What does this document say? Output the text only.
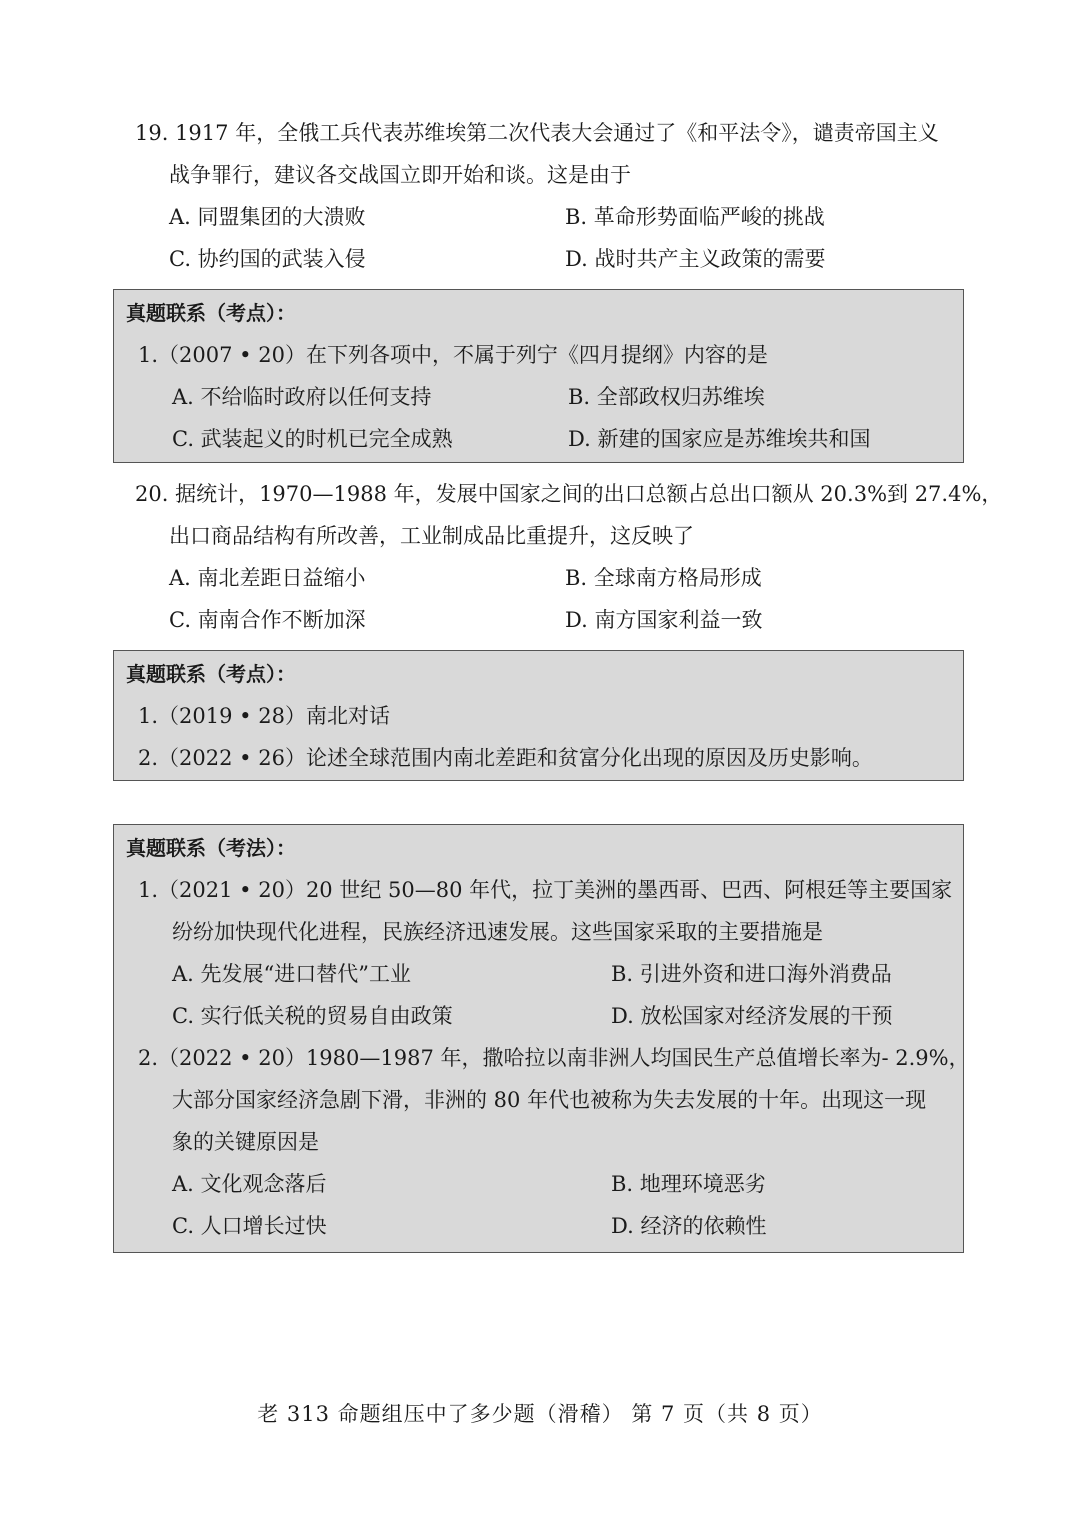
19. 1917 年，全俄工兵代表苏维埃第二次代表大会通过了《和平法令》，谴责帝国主义
战争罪行，建议各交战国立即开始和谈。这是由于
A. 同盟集团的大溃败	B. 革命形势面临严峻的挑战
C. 协约国的武装入侵	D. 战时共产主义政策的需要
真题联系（考点）：
1.（2007 • 20）在下列各项中，不属于列宁《四月提纲》内容的是
A. 不给临时政府以任何支持	B. 全部政权归苏维埃
C. 武装起义的时机已完全成熟	D. 新建的国家应是苏维埃共和国
20. 据统计，1970—1988 年，发展中国家之间的出口总额占总出口额从 20.3%到 27.4%，
出口商品结构有所改善，工业制成品比重提升，这反映了
A. 南北差距日益缩小	B. 全球南方格局形成
C. 南南合作不断加深	D. 南方国家利益一致
真题联系（考点）：
1.（2019 • 28）南北对话
2.（2022 • 26）论述全球范围内南北差距和贫富分化出现的原因及历史影响。
真题联系（考法）：
1.（2021 • 20）20 世纪 50—80 年代，拉丁美洲的墨西哥、巴西、阿根廷等主要国家
纷纷加快现代化进程，民族经济迅速发展。这些国家采取的主要措施是
A. 先发展“进口替代”工业	B. 引进外资和进口海外消费品
C. 实行低关税的贸易自由政策	D. 放松国家对经济发展的干预
2.（2022 • 20）1980—1987 年，撒哈拉以南非洲人均国民生产总值增长率为- 2.9%，
大部分国家经济急剧下滑，非洲的 80 年代也被称为失去发展的十年。出现这一现
象的关键原因是
A. 文化观念落后	B. 地理环境恶劣
C. 人口增长过快	D. 经济的依赖性
老 313 命题组压中了多少题（滑稽） 第 7 页（共 8 页）
